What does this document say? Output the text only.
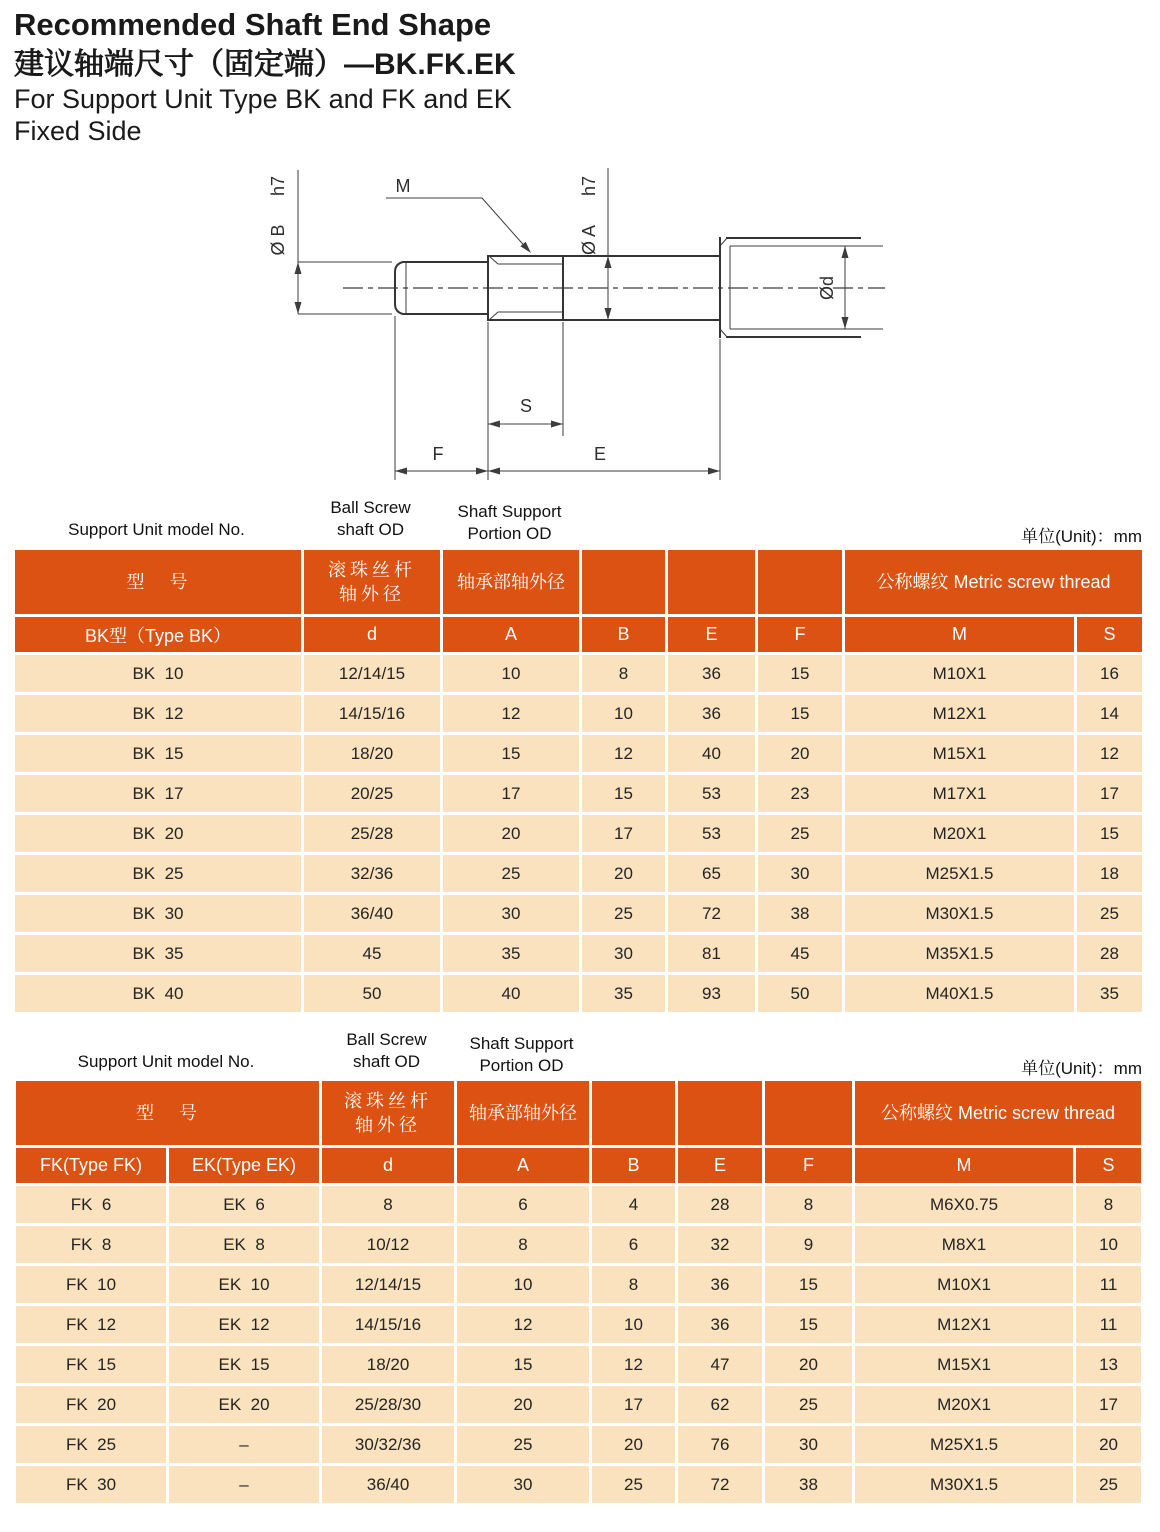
Recommended Shaft End Shape
建议轴端尺寸（固定端）—BK.FK.EK
For Support Unit Type BK and FK and EK
Fixed Side
M
Ø B
h7
Ø A
h7
Ød
S
F	E
Support Unit model No.
Ball Screw
shaft OD
Shaft Support
Portion OD	单位(Unit)：mm
型 号	滚珠丝杆
轴外径	轴承部轴外径				公称螺纹 Metric screw thread	
BK型（Type BK）	d	A	B	E	F	M	S
BK  10	12/14/15	10	8	36	15	M10X1	16
BK  12	14/15/16	12	10	36	15	M12X1	14
BK  15	18/20	15	12	40	20	M15X1	12
BK  17	20/25	17	15	53	23	M17X1	17
BK  20	25/28	20	17	53	25	M20X1	15
BK  25	32/36	25	20	65	30	M25X1.5	18
BK  30	36/40	30	25	72	38	M30X1.5	25
BK  35	45	35	30	81	45	M35X1.5	28
BK  40	50	40	35	93	50	M40X1.5	35
Support Unit model No.
Ball Screw
shaft OD
Shaft Support
Portion OD	单位(Unit)：mm
型 号		滚珠丝杆
轴外径	轴承部轴外径				公称螺纹 Metric screw thread	
FK(Type FK)	EK(Type EK)	d	A	B	E	F	M	S
FK  6	EK  6	8	6	4	28	8	M6X0.75	8
FK  8	EK  8	10/12	8	6	32	9	M8X1	10
FK  10	EK  10	12/14/15	10	8	36	15	M10X1	11
FK  12	EK  12	14/15/16	12	10	36	15	M12X1	11
FK  15	EK  15	18/20	15	12	47	20	M15X1	13
FK  20	EK  20	25/28/30	20	17	62	25	M20X1	17
FK  25	–	30/32/36	25	20	76	30	M25X1.5	20
FK  30	–	36/40	30	25	72	38	M30X1.5	25
